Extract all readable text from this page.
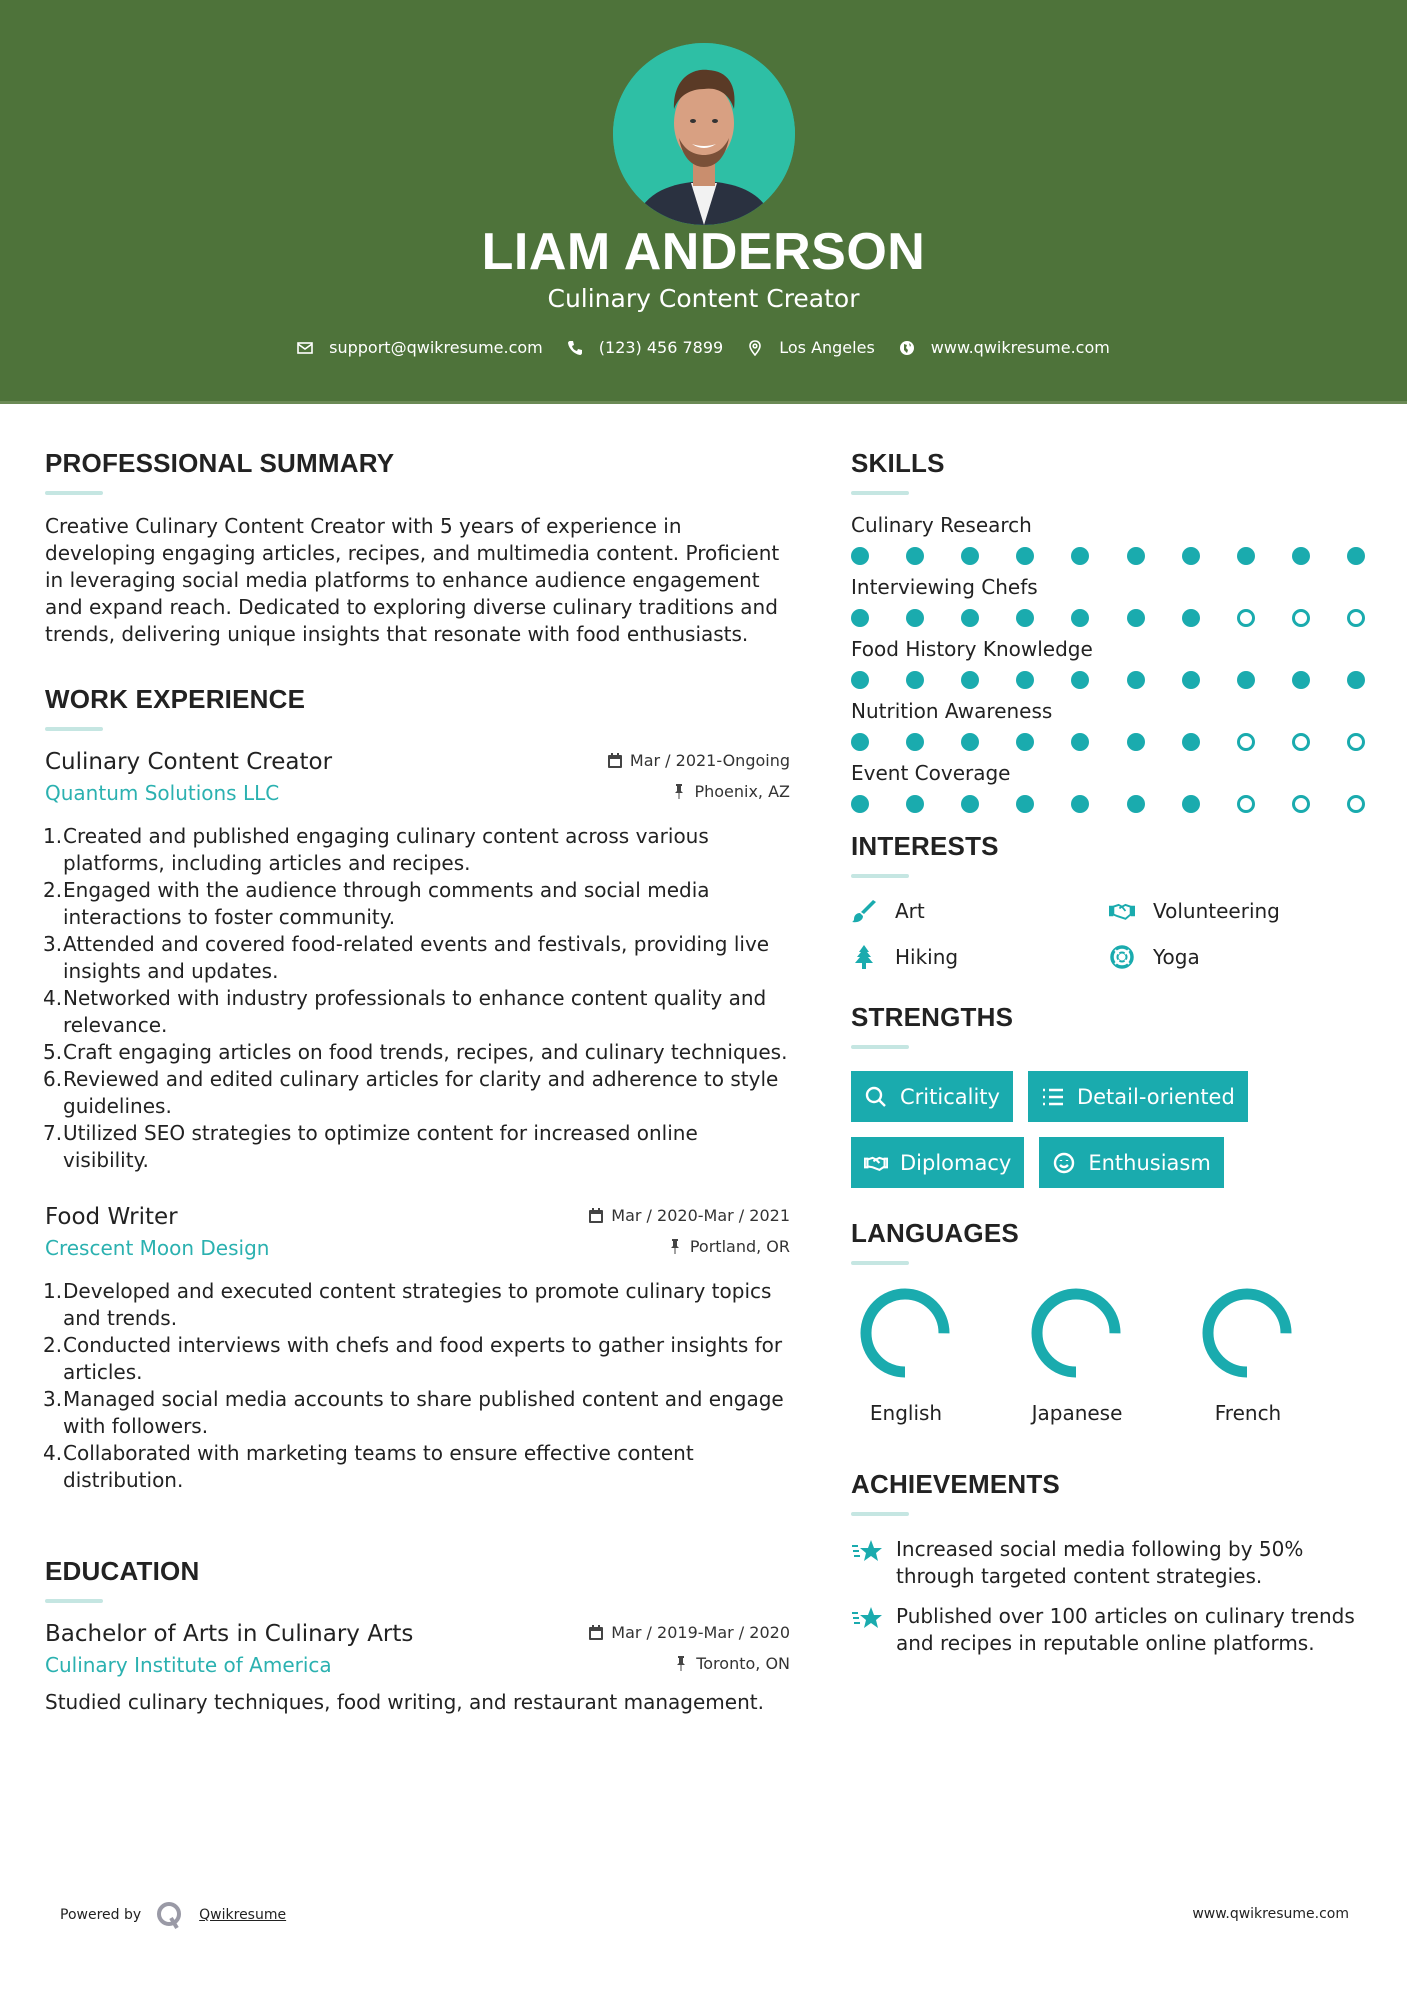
LIAM ANDERSON
Culinary Content Creator
support@qwikresume.com	(123) 456 7899	Los Angeles	www.qwikresume.com
PROFESSIONAL SUMMARY

Creative Culinary Content Creator with 5 years of experience in developing engaging articles, recipes, and multimedia content. Proficient in leveraging social media platforms to enhance audience engagement and expand reach. Dedicated to exploring diverse culinary traditions and trends, delivering unique insights that resonate with food enthusiasts.

WORK EXPERIENCE
Culinary Content Creator
Quantum Solutions LLC
Mar / 2021-Ongoing
Phoenix, AZ
Created and published engaging culinary content across various platforms, including articles and recipes.
Engaged with the audience through comments and social media interactions to foster community.
Attended and covered food-related events and festivals, providing live insights and updates.
Networked with industry professionals to enhance content quality and relevance.
Craft engaging articles on food trends, recipes, and culinary techniques.
Reviewed and edited culinary articles for clarity and adherence to style guidelines.
Utilized SEO strategies to optimize content for increased online visibility.
Food Writer
Crescent Moon Design
Mar / 2020-Mar / 2021
Portland, OR
Developed and executed content strategies to promote culinary topics and trends.
Conducted interviews with chefs and food experts to gather insights for articles.
Managed social media accounts to share published content and engage with followers.
Collaborated with marketing teams to ensure effective content distribution.
EDUCATION
Bachelor of Arts in Culinary Arts
Culinary Institute of America
Mar / 2019-Mar / 2020
Toronto, ON

Studied culinary techniques, food writing, and restaurant management.

SKILLS
Culinary Research
Interviewing Chefs
Food History Knowledge
Nutrition Awareness
Event Coverage
INTERESTS
Art	Volunteering
Hiking	Yoga
STRENGTHS
Criticality	Detail-oriented
Diplomacy	Enthusiasm
LANGUAGES
English	Japanese	French
ACHIEVEMENTS
Increased social media following by 50% through targeted content strategies.
Published over 100 articles on culinary trends and recipes in reputable online platforms.
Powered by	Qwikresume	www.qwikresume.com
